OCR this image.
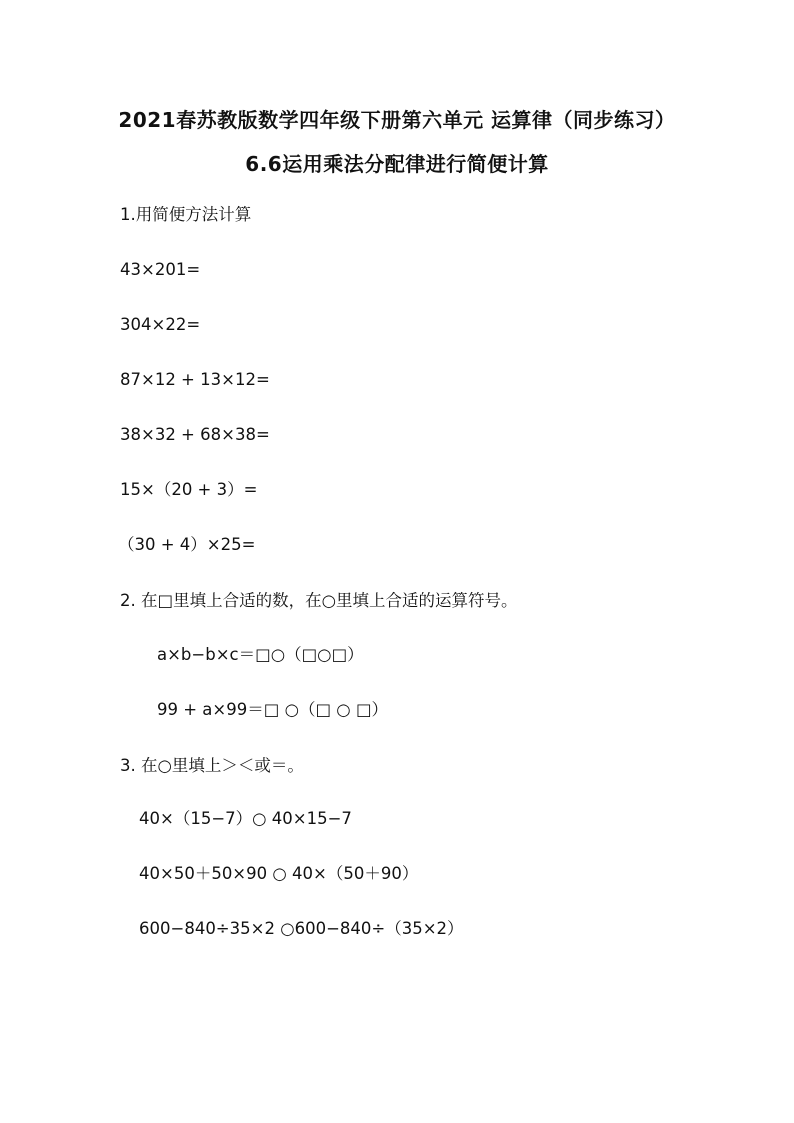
2021春苏教版数学四年级下册第六单元 运算律（同步练习）
6.6运用乘法分配律进行简便计算
1.用简便方法计算
43×201=
304×22=
87×12 + 13×12=
38×32 + 68×38=
15×（20 + 3）=
（30 + 4）×25=
2. 在□里填上合适的数，在○里填上合适的运算符号。
a×b−b×c＝□○（□○□）
99 + a×99＝□ ○（□ ○ □）
3. 在○里填上＞＜或＝。
40×（15−7）○ 40×15−7
40×50＋50×90 ○ 40×（50＋90）
600−840÷35×2 ○600−840÷（35×2）
